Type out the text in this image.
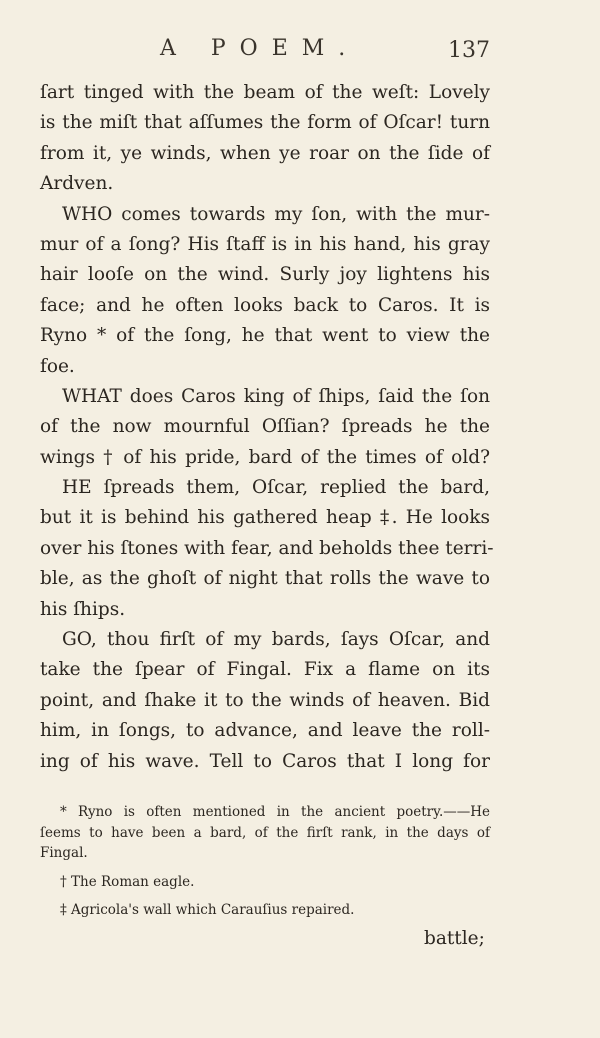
A POEM.	137
ſart tinged with the beam of the weſt: Lovely
is the miſt that aſſumes the form of Oſcar! turn
from it, ye winds, when ye roar on the ſide of
Ardven.
WHO comes towards my ſon, with the mur-
mur of a ſong? His ſtaff is in his hand, his gray
hair looſe on the wind. Surly joy lightens his
face; and he often looks back to Caros. It is
Ryno * of the ſong, he that went to view the
foe.
WHAT does Caros king of ſhips, ſaid the ſon
of the now mournful Oſſian? ſpreads he the
wings † of his pride, bard of the times of old?
HE ſpreads them, Oſcar, replied the bard,
but it is behind his gathered heap ‡. He looks
over his ſtones with fear, and beholds thee terri-
ble, as the ghoſt of night that rolls the wave to
his ſhips.
GO, thou firſt of my bards, ſays Oſcar, and
take the ſpear of Fingal. Fix a flame on its
point, and ſhake it to the winds of heaven. Bid
him, in ſongs, to advance, and leave the roll-
ing of his wave. Tell to Caros that I long for
* Ryno is often mentioned in the ancient poetry.——He
ſeems to have been a bard, of the firſt rank, in the days of
Fingal.
† The Roman eagle.
‡ Agricola's wall which Carauſius repaired.
battle;
